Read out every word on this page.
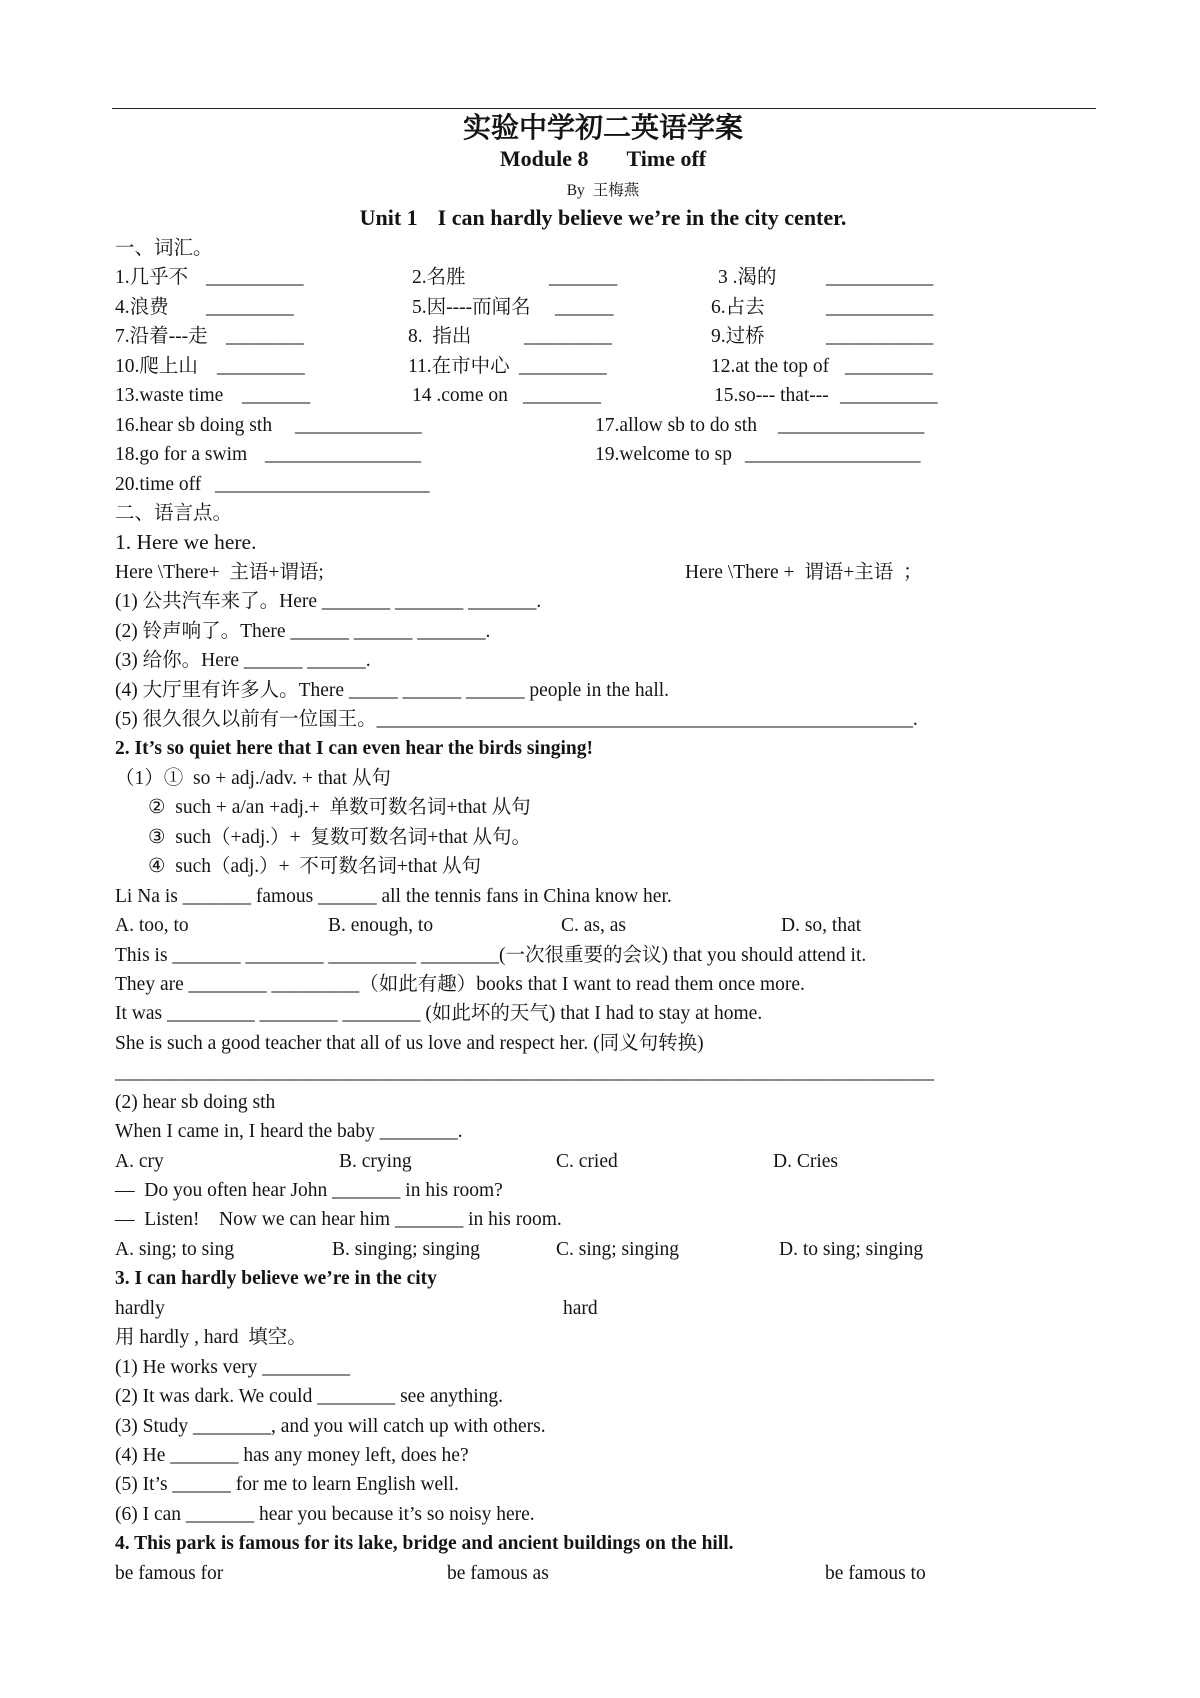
实验中学初二英语学案
Module 8 Time off
By 王梅燕
Unit 1 I can hardly believe we’re in the city center.
一、词汇。
1.几乎不 __________	2.名胜	_______	3 .渴的	___________
4.浪费 _________	5.因----而闻名 ______	6.占去	___________
7.沿着---走 ________	8.  指出	_________	9.过桥	___________
10.爬上山 _________	11.在市中心 _________	12.at the top of _________
13.waste time _______	14 .come on ________	15.so--- that--- __________
16.hear sb doing sth _____________	17.allow sb to do sth _______________
18.go for a swim ________________	19.welcome to sp __________________
20.time off ______________________
二、语言点。
1. Here we here.
Here \There+  主语+谓语;	Here \There +  谓语+主语  ；
(1) 公共汽车来了。Here _______ _______ _______.
(2) 铃声响了。There ______ ______ _______.
(3) 给你。Here ______ ______.
(4) 大厅里有许多人。There _____ ______ ______ people in the hall.
(5) 很久很久以前有一位国王。_______________________________________________________.
2. It’s so quiet here that I can even hear the birds singing!
（1）①  so + adj./adv. + that 从句
②  such + a/an +adj.+  单数可数名词+that 从句
③  such（+adj.）+  复数可数名词+that 从句。
④  such（adj.）+  不可数名词+that 从句
Li Na is _______ famous ______ all the tennis fans in China know her.
A. too, to	B. enough, to	C. as, as	D. so, that
This is _______ ________ _________ ________(一次很重要的会议) that you should attend it.
They are ________ _________（如此有趣）books that I want to read them once more.
It was _________ ________ ________ (如此坏的天气) that I had to stay at home.
She is such a good teacher that all of us love and respect her. (同义句转换)
____________________________________________________________________________________
(2) hear sb doing sth
When I came in, I heard the baby ________.
A. cry	B. crying	C. cried	D. Cries
—  Do you often hear John _______ in his room?
—  Listen!    Now we can hear him _______ in his room.
A. sing; to sing	B. singing; singing	C. sing; singing	D. to sing; singing
3. I can hardly believe we’re in the city
hardly	hard
用 hardly , hard  填空。
(1) He works very _________
(2) It was dark. We could ________ see anything.
(3) Study ________, and you will catch up with others.
(4) He _______ has any money left, does he?
(5) It’s ______ for me to learn English well.
(6) I can _______ hear you because it’s so noisy here.
4. This park is famous for its lake, bridge and ancient buildings on the hill.
be famous for	be famous as	be famous to
